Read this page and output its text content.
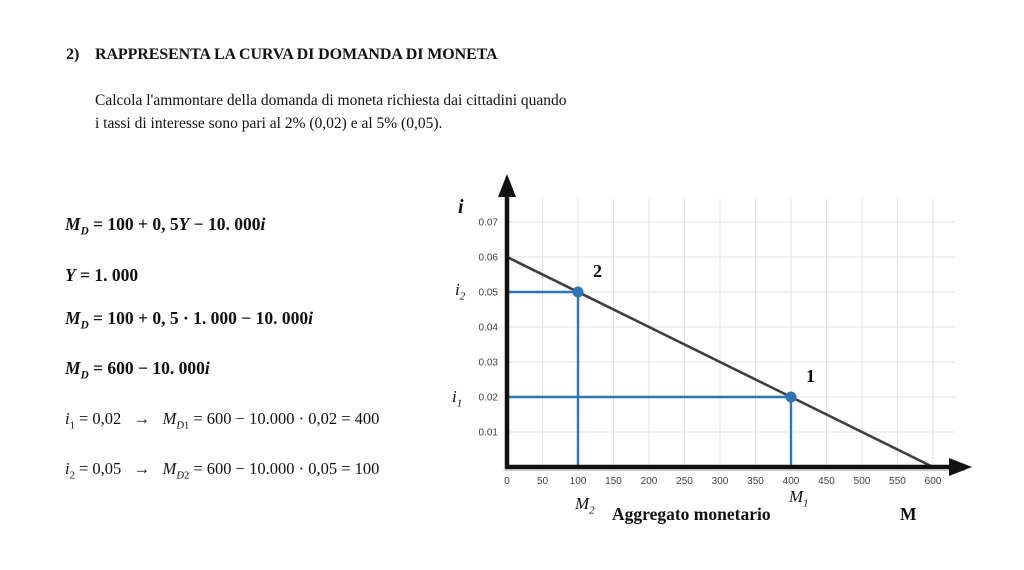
2) RAPPRESENTA LA CURVA DI DOMANDA DI MONETA
Calcola l'ammontare della domanda di moneta richiesta dai cittadini quando
i tassi di interesse sono pari al 2% (0,02) e al 5% (0,05).
$M_D = 100 + 0$, 5Y − 10. 000i
Y = 1. 000
$M_D = 100 + 0$, 5 · 1. 000 − 10. 000i
$M_D = 600 - 10$. 000i
$i_1 = 0,02 \to M_{D1} = 600 - 10.000 \cdot 0,02 = 400$
$i_2 = 0,05 \to M_{D2} = 600 - 10.000 \cdot 0,05 = 100$
2
1
0	50 100 150 200 250 300 350 400 450 500 550 600
0.01
0.02
0.03
0.04
0.05
0.06
0.07
i
$i_2$
$i_1$
$M_2$
$M_1$
Aggregato monetario	M
